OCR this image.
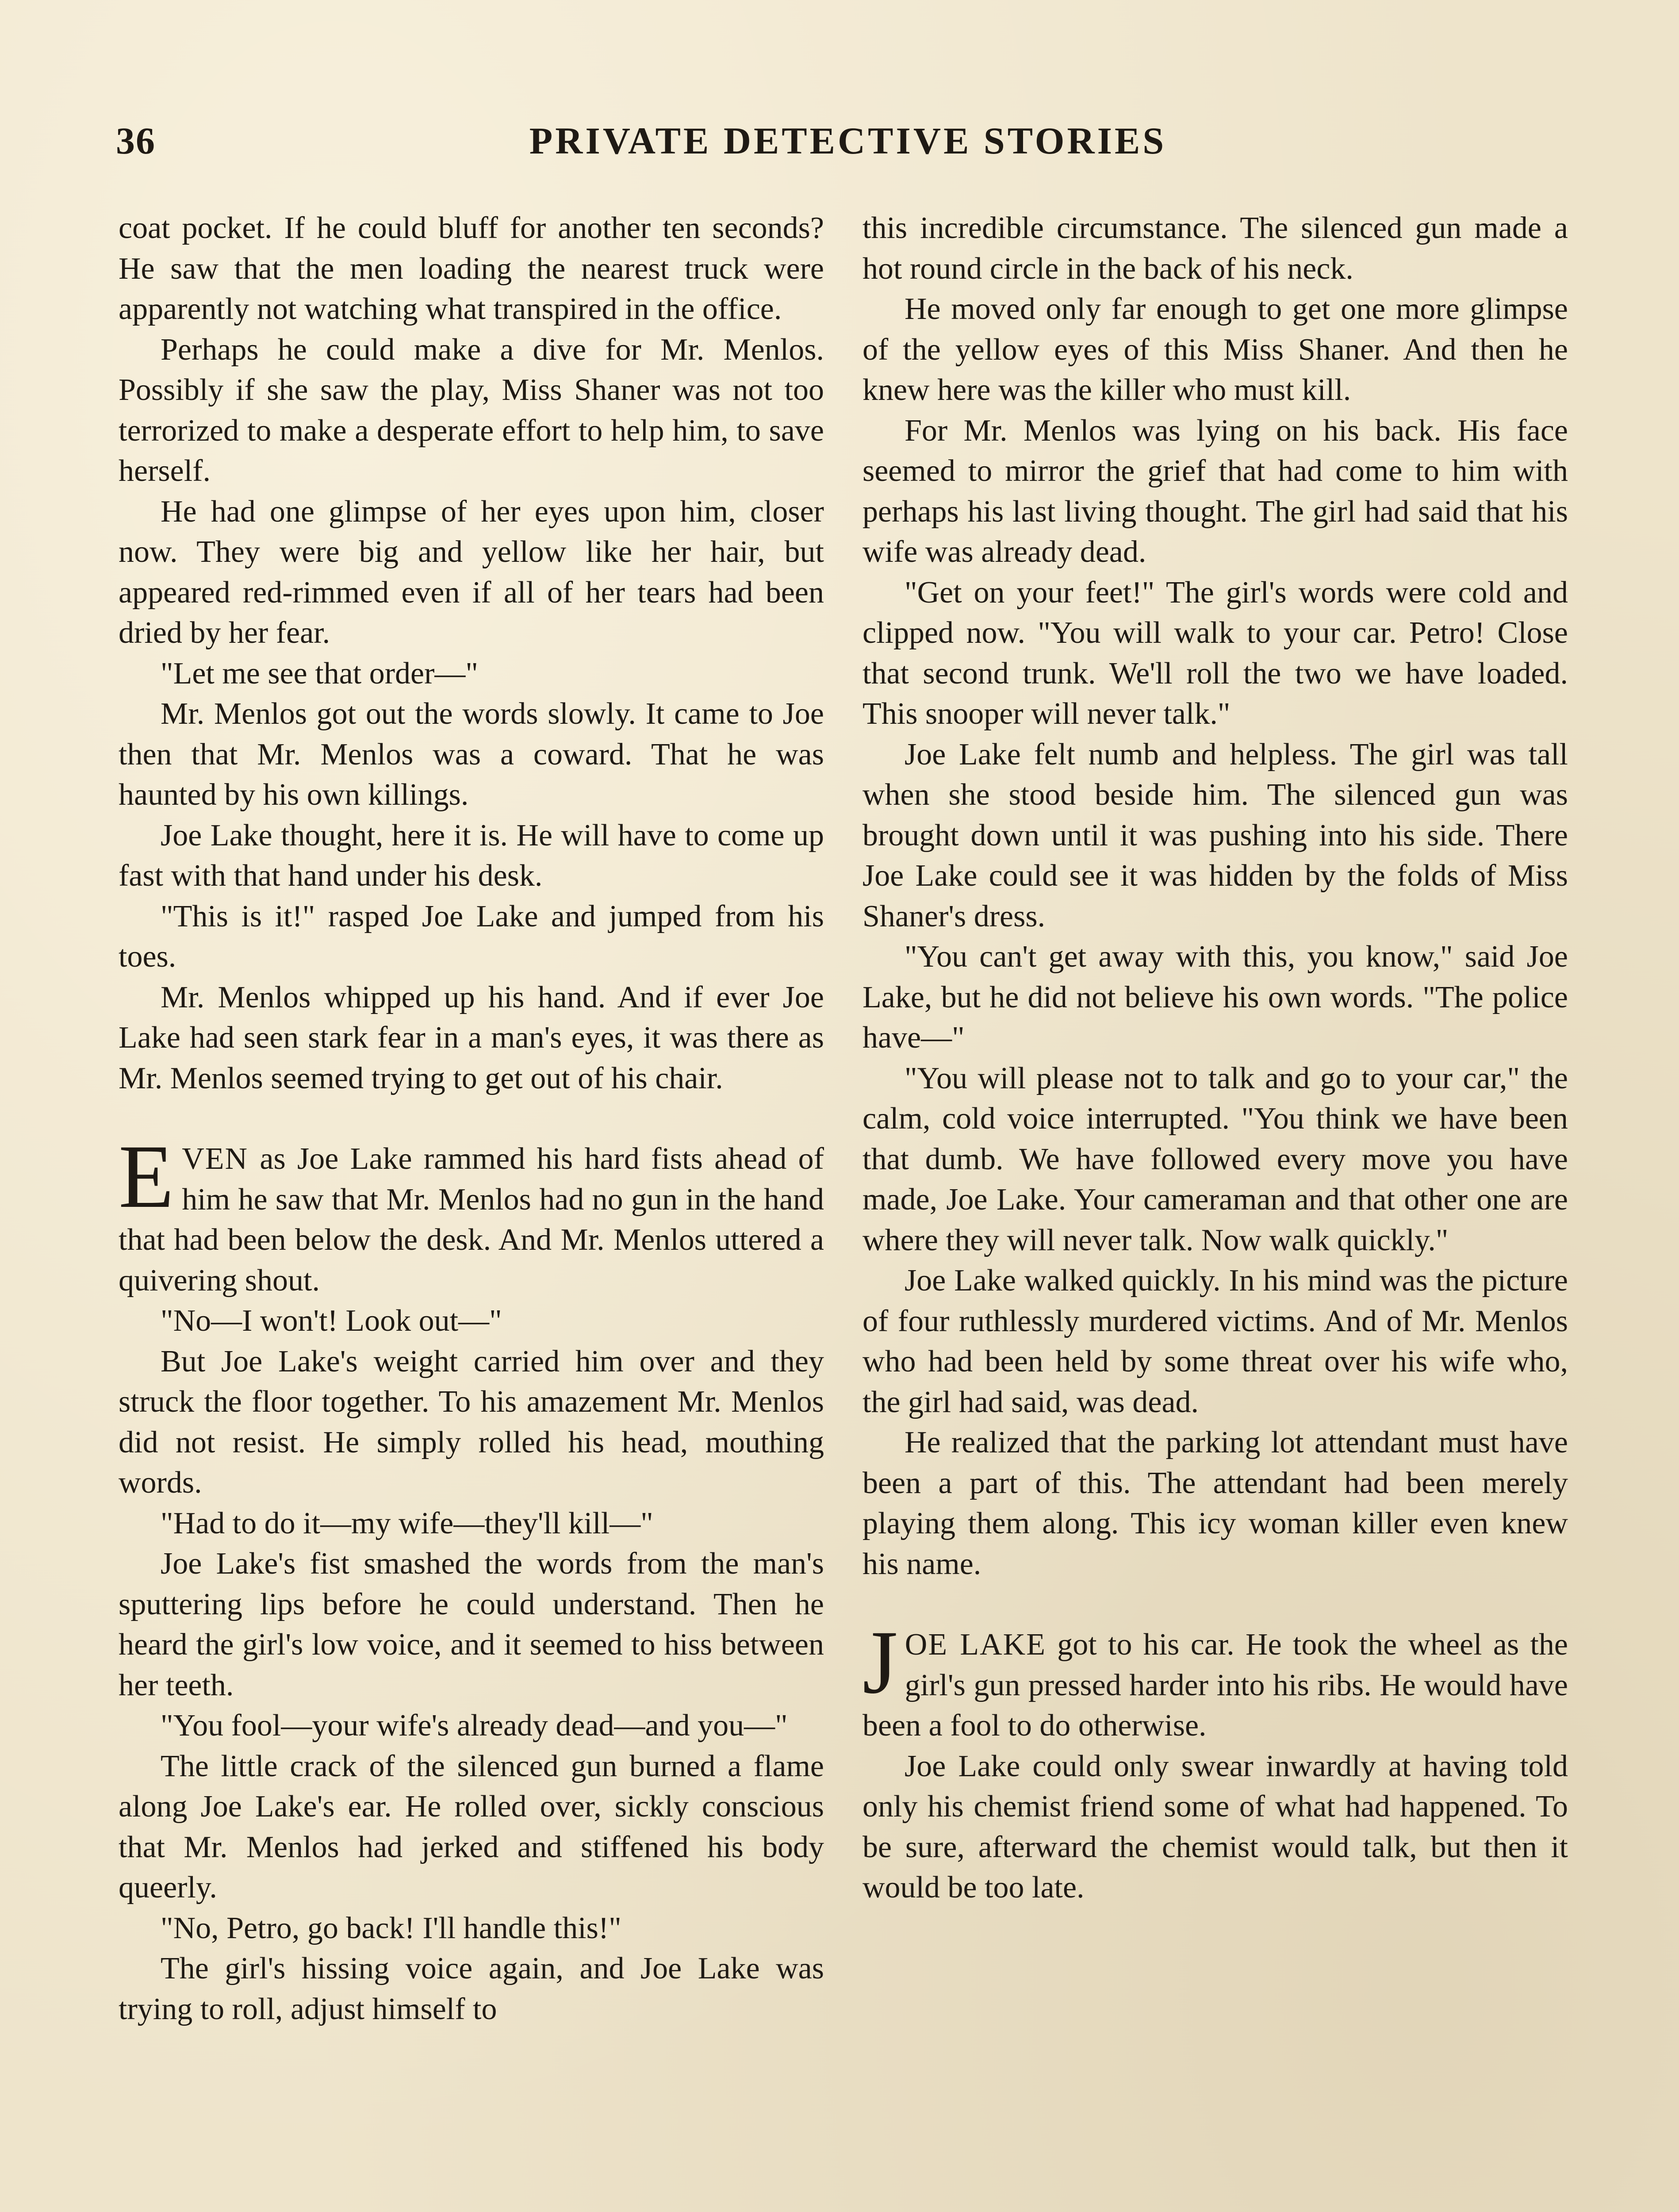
36	PRIVATE DETECTIVE STORIES

coat pocket. If he could bluff for another ten seconds? He saw that the men loading the nearest truck were apparently not watching what transpired in the office.

Perhaps he could make a dive for Mr. Menlos. Possibly if she saw the play, Miss Shaner was not too terrorized to make a desperate effort to help him, to save herself.

He had one glimpse of her eyes upon him, closer now. They were big and yellow like her hair, but appeared red-rimmed even if all of her tears had been dried by her fear.

"Let me see that order—"

Mr. Menlos got out the words slowly. It came to Joe then that Mr. Menlos was a coward. That he was haunted by his own killings.

Joe Lake thought, here it is. He will have to come up fast with that hand under his desk.

"This is it!" rasped Joe Lake and jumped from his toes.

Mr. Menlos whipped up his hand. And if ever Joe Lake had seen stark fear in a man's eyes, it was there as Mr. Menlos seemed trying to get out of his chair.

EVEN as Joe Lake rammed his hard fists ahead of him he saw that Mr. Menlos had no gun in the hand that had been below the desk. And Mr. Menlos uttered a quivering shout.

"No—I won't! Look out—"

But Joe Lake's weight carried him over and they struck the floor together. To his amazement Mr. Menlos did not resist. He simply rolled his head, mouthing words.

"Had to do it—my wife—they'll kill—"

Joe Lake's fist smashed the words from the man's sputtering lips before he could understand. Then he heard the girl's low voice, and it seemed to hiss between her teeth.

"You fool—your wife's already dead—and you—"

The little crack of the silenced gun burned a flame along Joe Lake's ear. He rolled over, sickly conscious that Mr. Menlos had jerked and stiffened his body queerly.

"No, Petro, go back! I'll handle this!"

The girl's hissing voice again, and Joe Lake was trying to roll, adjust himself to

this incredible circumstance. The silenced gun made a hot round circle in the back of his neck.

He moved only far enough to get one more glimpse of the yellow eyes of this Miss Shaner. And then he knew here was the killer who must kill.

For Mr. Menlos was lying on his back. His face seemed to mirror the grief that had come to him with perhaps his last living thought. The girl had said that his wife was already dead.

"Get on your feet!" The girl's words were cold and clipped now. "You will walk to your car. Petro! Close that second trunk. We'll roll the two we have loaded. This snooper will never talk."

Joe Lake felt numb and helpless. The girl was tall when she stood beside him. The silenced gun was brought down until it was pushing into his side. There Joe Lake could see it was hidden by the folds of Miss Shaner's dress.

"You can't get away with this, you know," said Joe Lake, but he did not believe his own words. "The police have—"

"You will please not to talk and go to your car," the calm, cold voice interrupted. "You think we have been that dumb. We have followed every move you have made, Joe Lake. Your cameraman and that other one are where they will never talk. Now walk quickly."

Joe Lake walked quickly. In his mind was the picture of four ruthlessly murdered victims. And of Mr. Menlos who had been held by some threat over his wife who, the girl had said, was dead.

He realized that the parking lot attendant must have been a part of this. The attendant had been merely playing them along. This icy woman killer even knew his name.

JOE LAKE got to his car. He took the wheel as the girl's gun pressed harder into his ribs. He would have been a fool to do otherwise.

Joe Lake could only swear inwardly at having told only his chemist friend some of what had happened. To be sure, afterward the chemist would talk, but then it would be too late.
